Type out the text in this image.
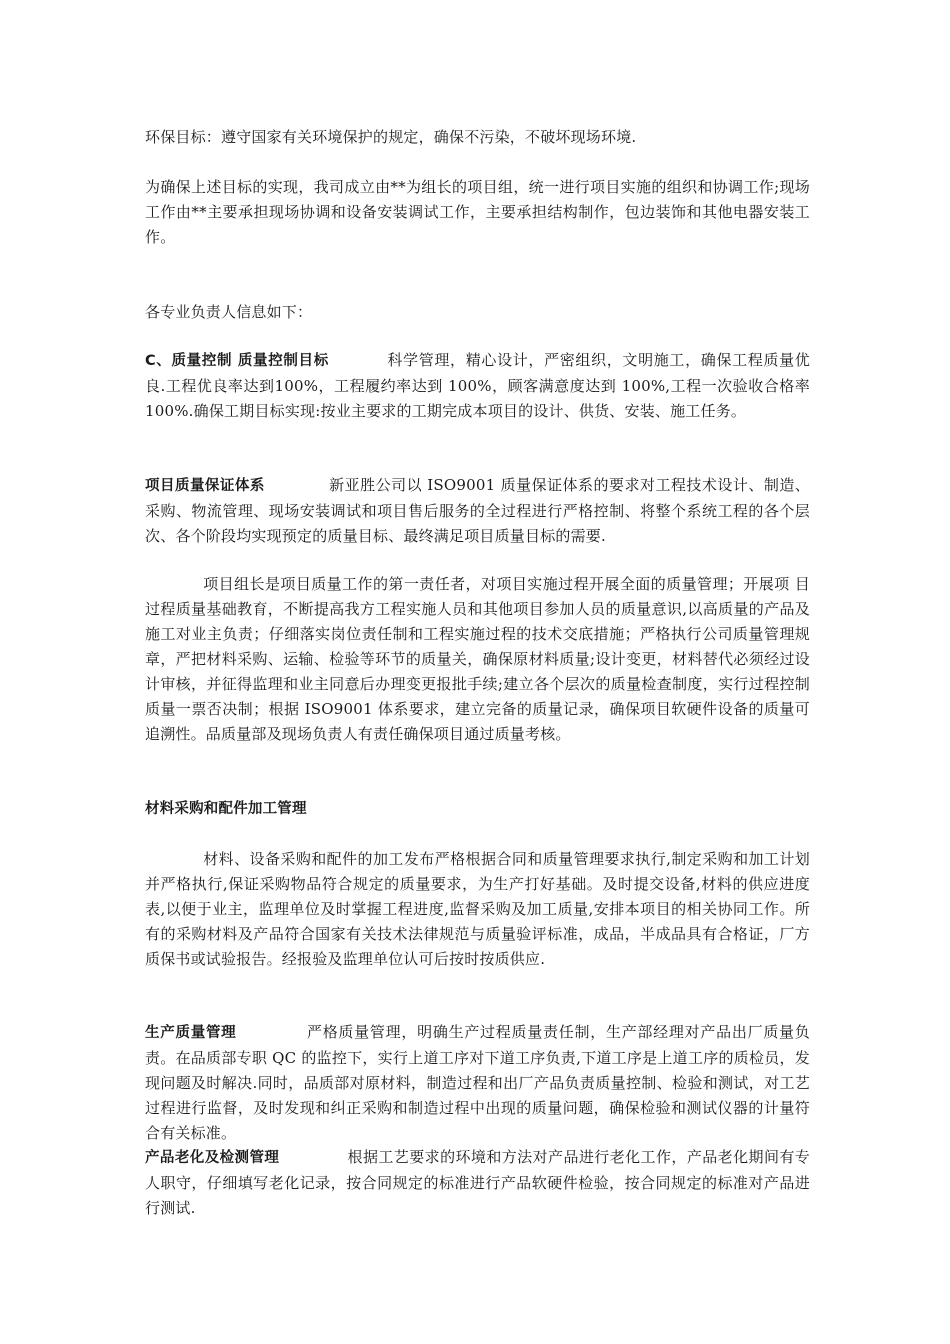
环保目标：遵守国家有关环境保护的规定，确保不污染，不破坏现场环境.

为确保上述目标的实现，我司成立由**为组长的项目组，统一进行项目实施的组织和协调工作;现场工作由**主要承担现场协调和设备安装调试工作，主要承担结构制作，包边装饰和其他电器安装工作。

各专业负责人信息如下：

C、质量控制 质量控制目标	科学管理，精心设计，严密组织，文明施工，确保工程质量优良.工程优良率达到100%，工程履约率达到 100%，顾客满意度达到 100%,工程一次验收合格率 100%.确保工期目标实现:按业主要求的工期完成本项目的设计、供货、安装、施工任务。

项目质量保证体系	新亚胜公司以 ISO9001 质量保证体系的要求对工程技术设计、制造、采购、物流管理、现场安装调试和项目售后服务的全过程进行严格控制、将整个系统工程的各个层次、各个阶段均实现预定的质量目标、最终满足项目质量目标的需要.

项目组长是项目质量工作的第一责任者，对项目实施过程开展全面的质量管理；开展项 目过程质量基础教育，不断提高我方工程实施人员和其他项目参加人员的质量意识,以高质量的产品及施工对业主负责；仔细落实岗位责任制和工程实施过程的技术交底措施；严格执行公司质量管理规章，严把材料采购、运输、检验等环节的质量关，确保原材料质量;设计变更，材料替代必须经过设计审核，并征得监理和业主同意后办理变更报批手续;建立各个层次的质量检查制度，实行过程控制质量一票否决制；根据 ISO9001 体系要求，建立完备的质量记录，确保项目软硬件设备的质量可追溯性。品质量部及现场负责人有责任确保项目通过质量考核。

材料采购和配件加工管理

材料、设备采购和配件的加工发布严格根据合同和质量管理要求执行,制定采购和加工计划并严格执行,保证采购物品符合规定的质量要求，为生产打好基础。及时提交设备,材料的供应进度表,以便于业主，监理单位及时掌握工程进度,监督采购及加工质量,安排本项目的相关协同工作。所有的采购材料及产品符合国家有关技术法律规范与质量验评标准，成品，半成品具有合格证，厂方质保书或试验报告。经报验及监理单位认可后按时按质供应.

生产质量管理	严格质量管理，明确生产过程质量责任制，生产部经理对产品出厂质量负责。在品质部专职 QC 的监控下，实行上道工序对下道工序负责,下道工序是上道工序的质检员，发现问题及时解决.同时，品质部对原材料，制造过程和出厂产品负责质量控制、检验和测试，对工艺过程进行监督，及时发现和纠正采购和制造过程中出现的质量问题，确保检验和测试仪器的计量符合有关标准。

产品老化及检测管理	根据工艺要求的环境和方法对产品进行老化工作，产品老化期间有专人职守，仔细填写老化记录，按合同规定的标准进行产品软硬件检验，按合同规定的标准对产品进行测试.
